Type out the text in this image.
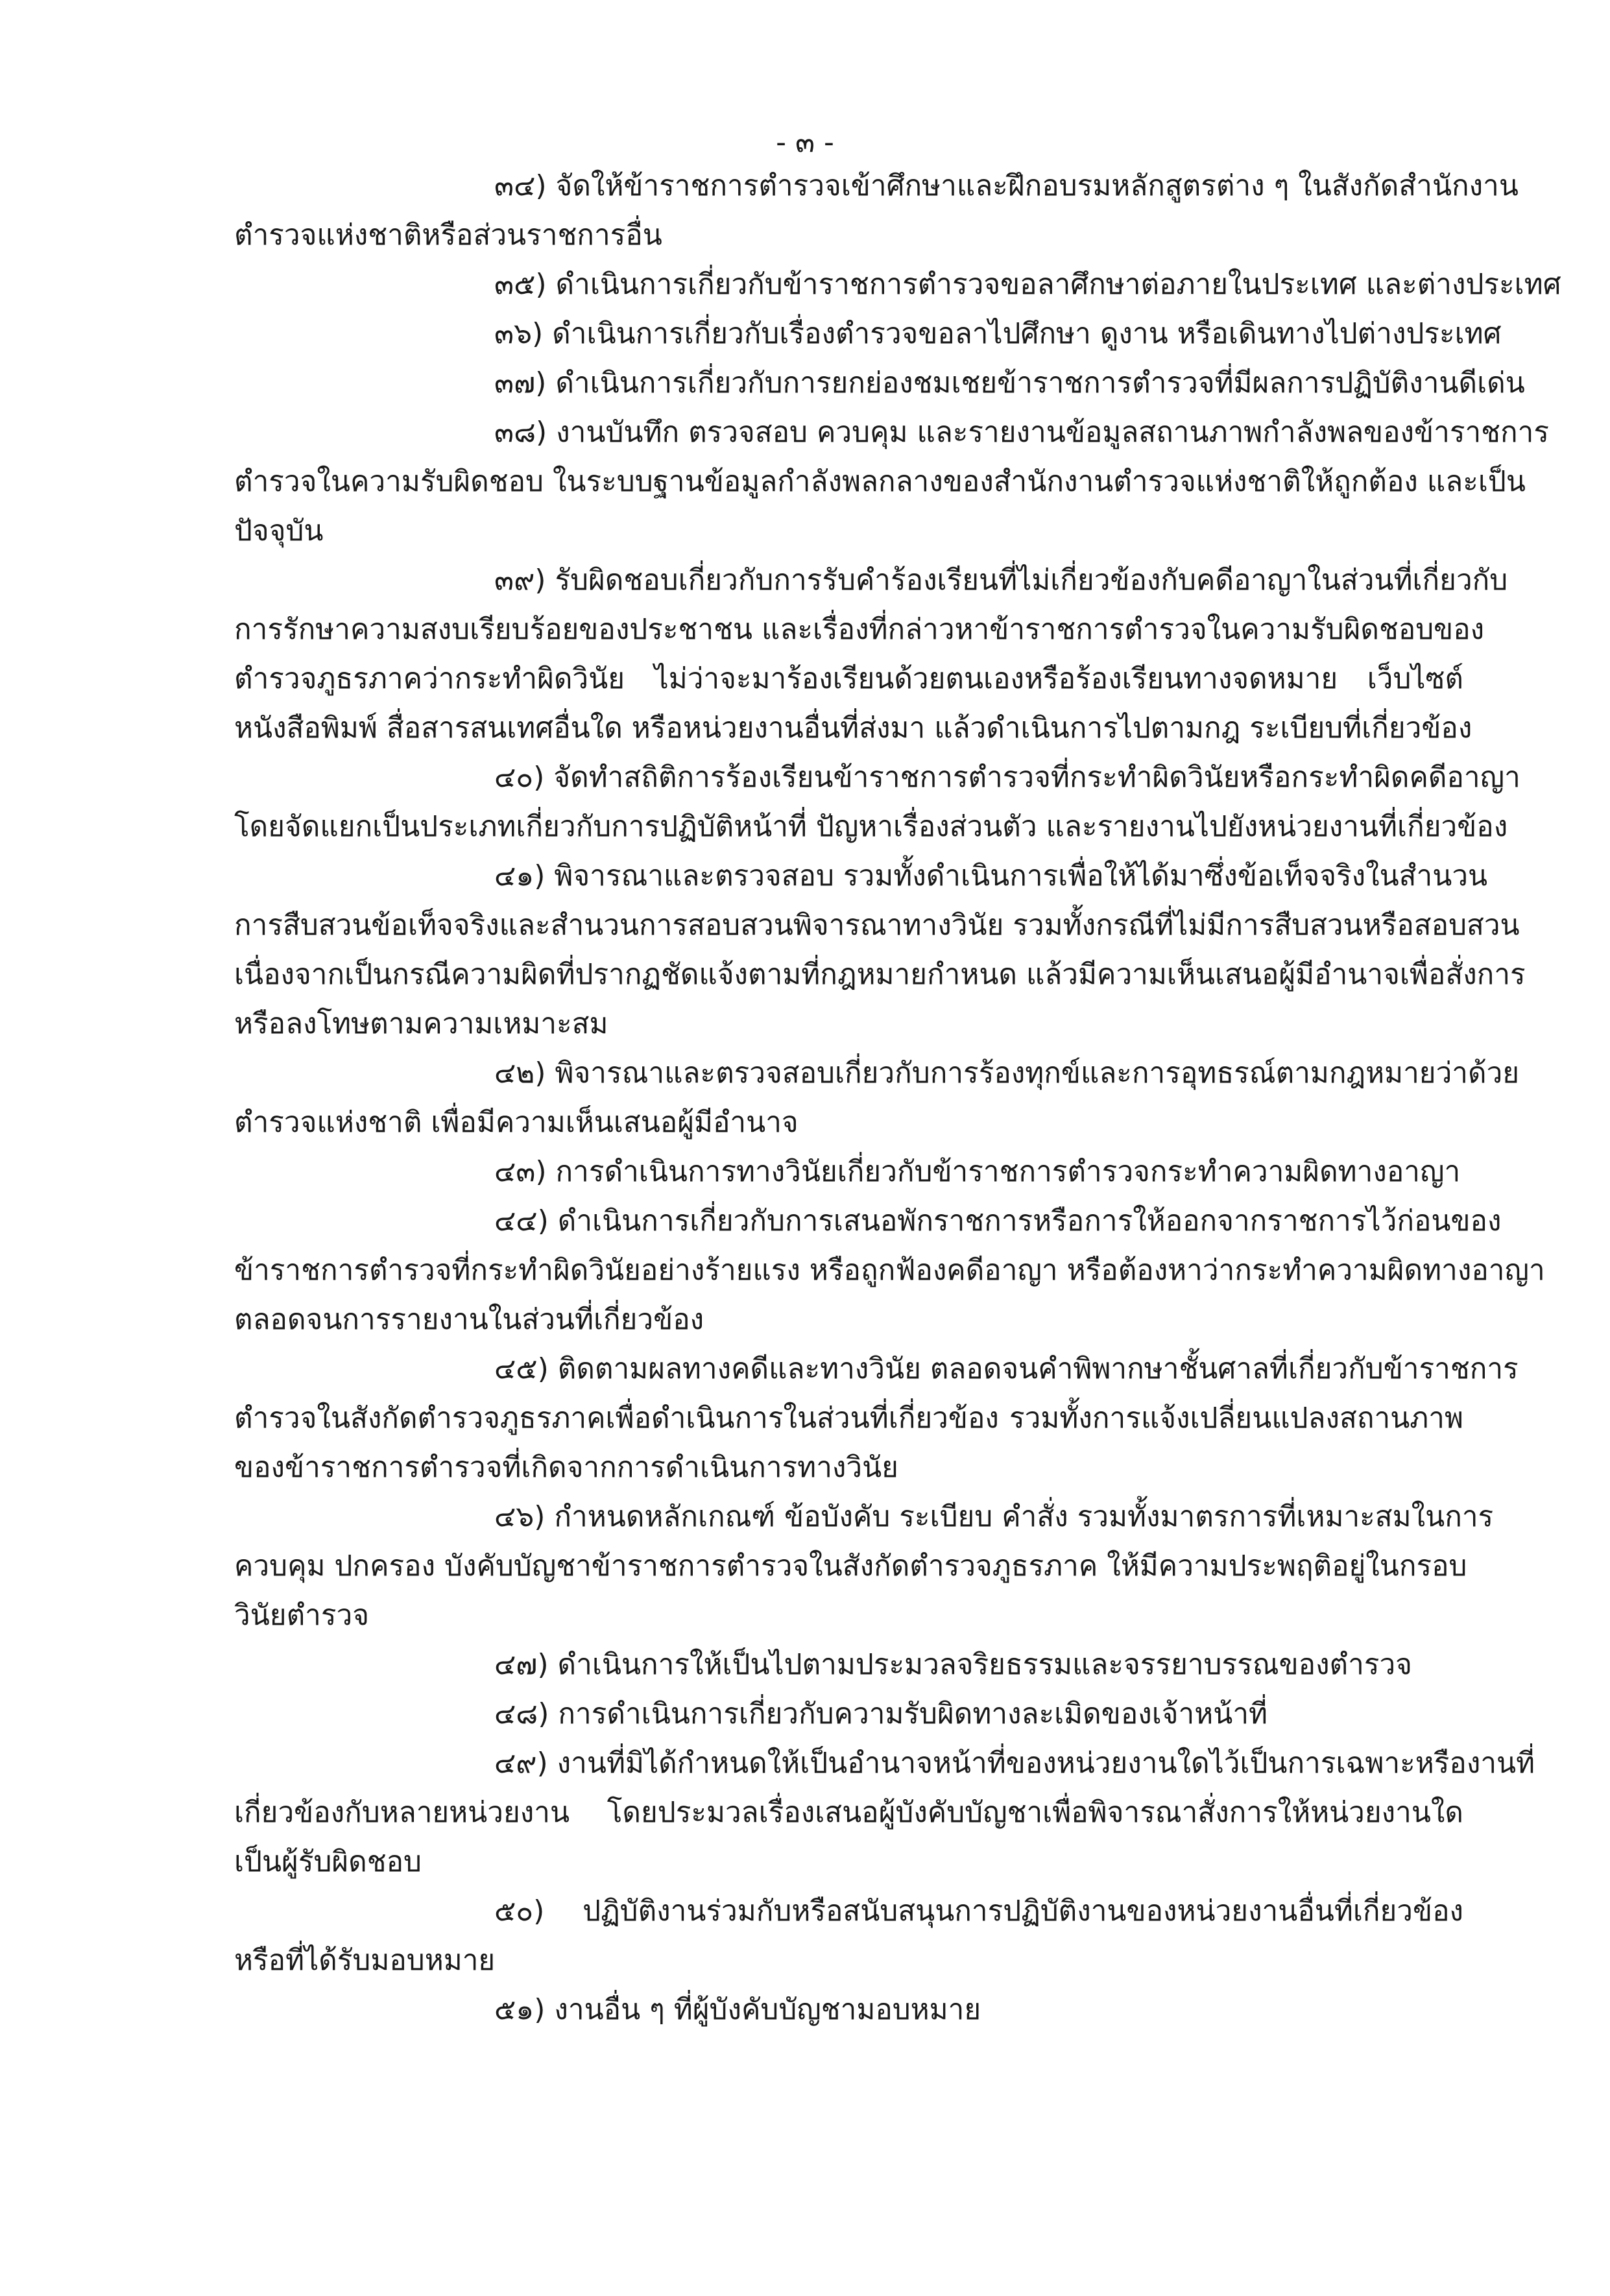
- ๓ -
๓๔) จัดให้ข้าราชการตำรวจเข้าศึกษาและฝึกอบรมหลักสูตรต่าง ๆ ในสังกัดสำนักงาน
ตำรวจแห่งชาติหรือส่วนราชการอื่น
๓๕) ดำเนินการเกี่ยวกับข้าราชการตำรวจขอลาศึกษาต่อภายในประเทศ และต่างประเทศ
๓๖) ดำเนินการเกี่ยวกับเรื่องตำรวจขอลาไปศึกษา ดูงาน หรือเดินทางไปต่างประเทศ
๓๗) ดำเนินการเกี่ยวกับการยกย่องชมเชยข้าราชการตำรวจที่มีผลการปฏิบัติงานดีเด่น
๓๘) งานบันทึก ตรวจสอบ ควบคุม และรายงานข้อมูลสถานภาพกำลังพลของข้าราชการ
ตำรวจในความรับผิดชอบ ในระบบฐานข้อมูลกำลังพลกลางของสำนักงานตำรวจแห่งชาติให้ถูกต้อง และเป็น
ปัจจุบัน
๓๙) รับผิดชอบเกี่ยวกับการรับคำร้องเรียนที่ไม่เกี่ยวข้องกับคดีอาญาในส่วนที่เกี่ยวกับ
การรักษาความสงบเรียบร้อยของประชาชน และเรื่องที่กล่าวหาข้าราชการตำรวจในความรับผิดชอบของ
ตำรวจภูธรภาคว่ากระทำผิดวินัย ไม่ว่าจะมาร้องเรียนด้วยตนเองหรือร้องเรียนทางจดหมาย เว็บไซต์
หนังสือพิมพ์ สื่อสารสนเทศอื่นใด หรือหน่วยงานอื่นที่ส่งมา แล้วดำเนินการไปตามกฎ ระเบียบที่เกี่ยวข้อง
๔๐) จัดทำสถิติการร้องเรียนข้าราชการตำรวจที่กระทำผิดวินัยหรือกระทำผิดคดีอาญา
โดยจัดแยกเป็นประเภทเกี่ยวกับการปฏิบัติหน้าที่ ปัญหาเรื่องส่วนตัว และรายงานไปยังหน่วยงานที่เกี่ยวข้อง
๔๑) พิจารณาและตรวจสอบ รวมทั้งดำเนินการเพื่อให้ได้มาซึ่งข้อเท็จจริงในสำนวน
การสืบสวนข้อเท็จจริงและสำนวนการสอบสวนพิจารณาทางวินัย รวมทั้งกรณีที่ไม่มีการสืบสวนหรือสอบสวน
เนื่องจากเป็นกรณีความผิดที่ปรากฏชัดแจ้งตามที่กฎหมายกำหนด แล้วมีความเห็นเสนอผู้มีอำนาจเพื่อสั่งการ
หรือลงโทษตามความเหมาะสม
๔๒) พิจารณาและตรวจสอบเกี่ยวกับการร้องทุกข์และการอุทธรณ์ตามกฎหมายว่าด้วย
ตำรวจแห่งชาติ เพื่อมีความเห็นเสนอผู้มีอำนาจ
๔๓) การดำเนินการทางวินัยเกี่ยวกับข้าราชการตำรวจกระทำความผิดทางอาญา
๔๔) ดำเนินการเกี่ยวกับการเสนอพักราชการหรือการให้ออกจากราชการไว้ก่อนของ
ข้าราชการตำรวจที่กระทำผิดวินัยอย่างร้ายแรง หรือถูกฟ้องคดีอาญา หรือต้องหาว่ากระทำความผิดทางอาญา
ตลอดจนการรายงานในส่วนที่เกี่ยวข้อง
๔๕) ติดตามผลทางคดีและทางวินัย ตลอดจนคำพิพากษาชั้นศาลที่เกี่ยวกับข้าราชการ
ตำรวจในสังกัดตำรวจภูธรภาคเพื่อดำเนินการในส่วนที่เกี่ยวข้อง รวมทั้งการแจ้งเปลี่ยนแปลงสถานภาพ
ของข้าราชการตำรวจที่เกิดจากการดำเนินการทางวินัย
๔๖) กำหนดหลักเกณฑ์ ข้อบังคับ ระเบียบ คำสั่ง รวมทั้งมาตรการที่เหมาะสมในการ
ควบคุม ปกครอง บังคับบัญชาข้าราชการตำรวจในสังกัดตำรวจภูธรภาค ให้มีความประพฤติอยู่ในกรอบ
วินัยตำรวจ
๔๗) ดำเนินการให้เป็นไปตามประมวลจริยธรรมและจรรยาบรรณของตำรวจ
๔๘) การดำเนินการเกี่ยวกับความรับผิดทางละเมิดของเจ้าหน้าที่
๔๙) งานที่มิได้กำหนดให้เป็นอำนาจหน้าที่ของหน่วยงานใดไว้เป็นการเฉพาะหรืองานที่
เกี่ยวข้องกับหลายหน่วยงาน โดยประมวลเรื่องเสนอผู้บังคับบัญชาเพื่อพิจารณาสั่งการให้หน่วยงานใด
เป็นผู้รับผิดชอบ
๕๐) ปฏิบัติงานร่วมกับหรือสนับสนุนการปฏิบัติงานของหน่วยงานอื่นที่เกี่ยวข้อง
หรือที่ได้รับมอบหมาย
๕๑) งานอื่น ๆ ที่ผู้บังคับบัญชามอบหมาย
